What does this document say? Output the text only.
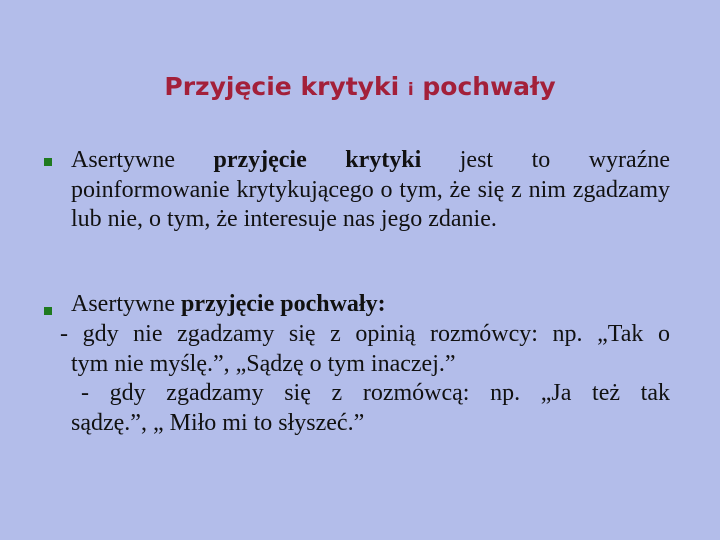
Przyjęcie krytyki i pochwały
Asertywne przyjęcie krytyki jest to wyraźne poinformowanie krytykującego o tym, że się z nim zgadzamy lub nie, o tym, że interesuje nas jego zdanie.
Asertywne przyjęcie pochwały:
- gdy nie zgadzamy się z opinią rozmówcy: np. „Tak o
tym nie myślę.”, „Sądzę o tym inaczej.”
- gdy zgadzamy się z rozmówcą: np. „Ja też tak
sądzę.”, „ Miło mi to słyszeć.”
